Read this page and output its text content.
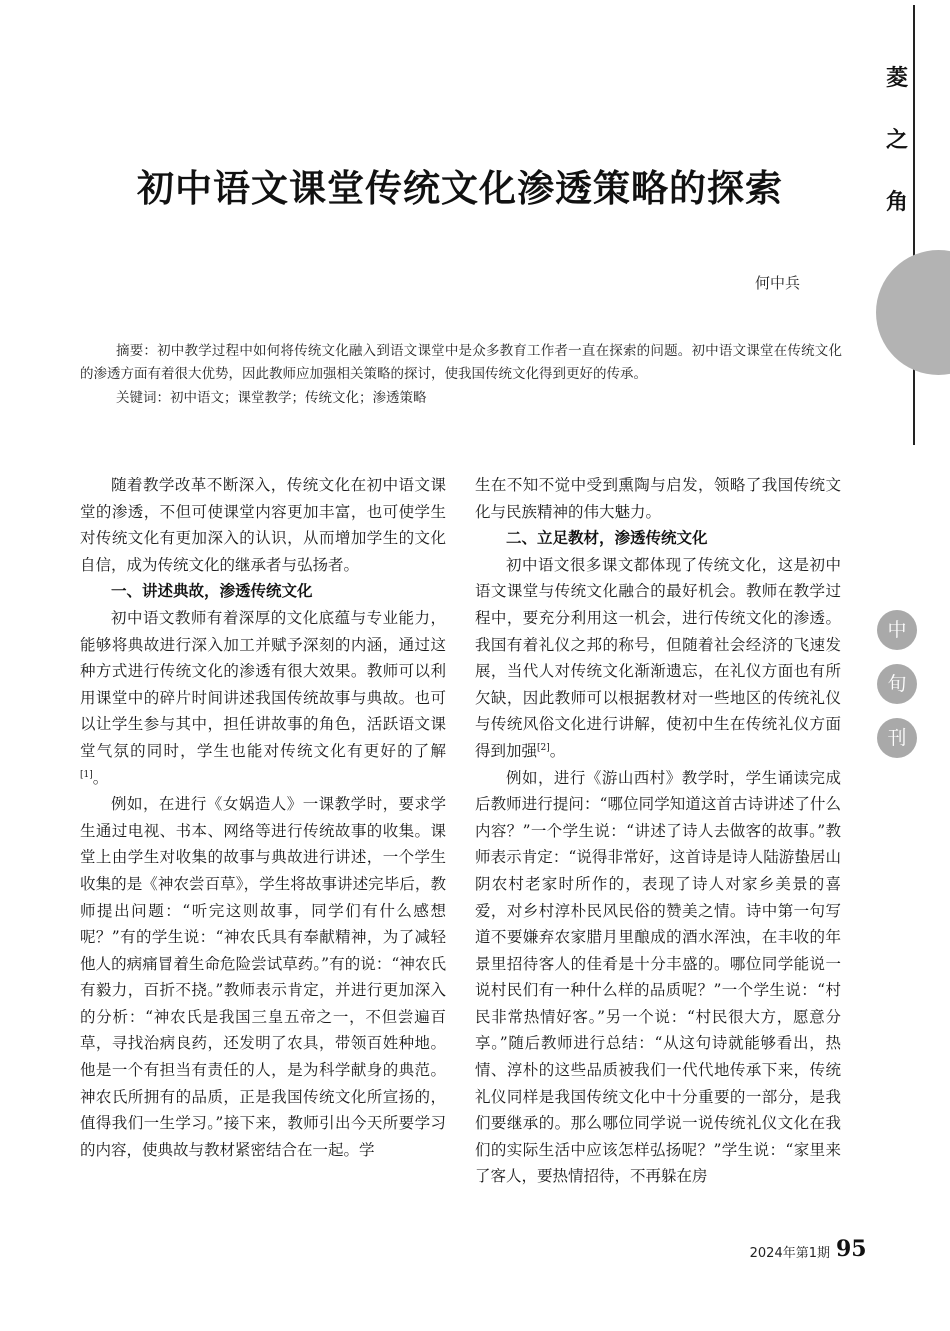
菱
之
角
中
旬
刊
初中语文课堂传统文化渗透策略的探索
何中兵

摘要：初中教学过程中如何将传统文化融入到语文课堂中是众多教育工作者一直在探索的问题。初中语文课堂在传统文化的渗透方面有着很大优势，因此教师应加强相关策略的探讨，使我国传统文化得到更好的传承。

关键词：初中语文；课堂教学；传统文化；渗透策略

随着教学改革不断深入，传统文化在初中语文课堂的渗透，不但可使课堂内容更加丰富，也可使学生对传统文化有更加深入的认识，从而增加学生的文化自信，成为传统文化的继承者与弘扬者。

一、讲述典故，渗透传统文化

初中语文教师有着深厚的文化底蕴与专业能力，能够将典故进行深入加工并赋予深刻的内涵，通过这种方式进行传统文化的渗透有很大效果。教师可以利用课堂中的碎片时间讲述我国传统故事与典故。也可以让学生参与其中，担任讲故事的角色，活跃语文课堂气氛的同时，学生也能对传统文化有更好的了解[1]。

例如，在进行《女娲造人》一课教学时，要求学生通过电视、书本、网络等进行传统故事的收集。课堂上由学生对收集的故事与典故进行讲述，一个学生收集的是《神农尝百草》，学生将故事讲述完毕后，教师提出问题：“听完这则故事，同学们有什么感想呢？”有的学生说：“神农氏具有奉献精神，为了减轻他人的病痛冒着生命危险尝试草药。”有的说：“神农氏有毅力，百折不挠。”教师表示肯定，并进行更加深入的分析：“神农氏是我国三皇五帝之一，不但尝遍百草，寻找治病良药，还发明了农具，带领百姓种地。他是一个有担当有责任的人，是为科学献身的典范。神农氏所拥有的品质，正是我国传统文化所宣扬的，值得我们一生学习。”接下来，教师引出今天所要学习的内容，使典故与教材紧密结合在一起。学

生在不知不觉中受到熏陶与启发，领略了我国传统文化与民族精神的伟大魅力。

二、立足教材，渗透传统文化

初中语文很多课文都体现了传统文化，这是初中语文课堂与传统文化融合的最好机会。教师在教学过程中，要充分利用这一机会，进行传统文化的渗透。我国有着礼仪之邦的称号，但随着社会经济的飞速发展，当代人对传统文化渐渐遗忘，在礼仪方面也有所欠缺，因此教师可以根据教材对一些地区的传统礼仪与传统风俗文化进行讲解，使初中生在传统礼仪方面得到加强[2]。

例如，进行《游山西村》教学时，学生诵读完成后教师进行提问：“哪位同学知道这首古诗讲述了什么内容？”一个学生说：“讲述了诗人去做客的故事。”教师表示肯定：“说得非常好，这首诗是诗人陆游蛰居山阴农村老家时所作的，表现了诗人对家乡美景的喜爱，对乡村淳朴民风民俗的赞美之情。诗中第一句写道不要嫌弃农家腊月里酿成的酒水浑浊，在丰收的年景里招待客人的佳肴是十分丰盛的。哪位同学能说一说村民们有一种什么样的品质呢？”一个学生说：“村民非常热情好客。”另一个说：“村民很大方，愿意分享。”随后教师进行总结：“从这句诗就能够看出，热情、淳朴的这些品质被我们一代代地传承下来，传统礼仪同样是我国传统文化中十分重要的一部分，是我们要继承的。那么哪位同学说一说传统礼仪文化在我们的实际生活中应该怎样弘扬呢？”学生说：“家里来了客人，要热情招待，不再躲在房

2024年第1期 95
